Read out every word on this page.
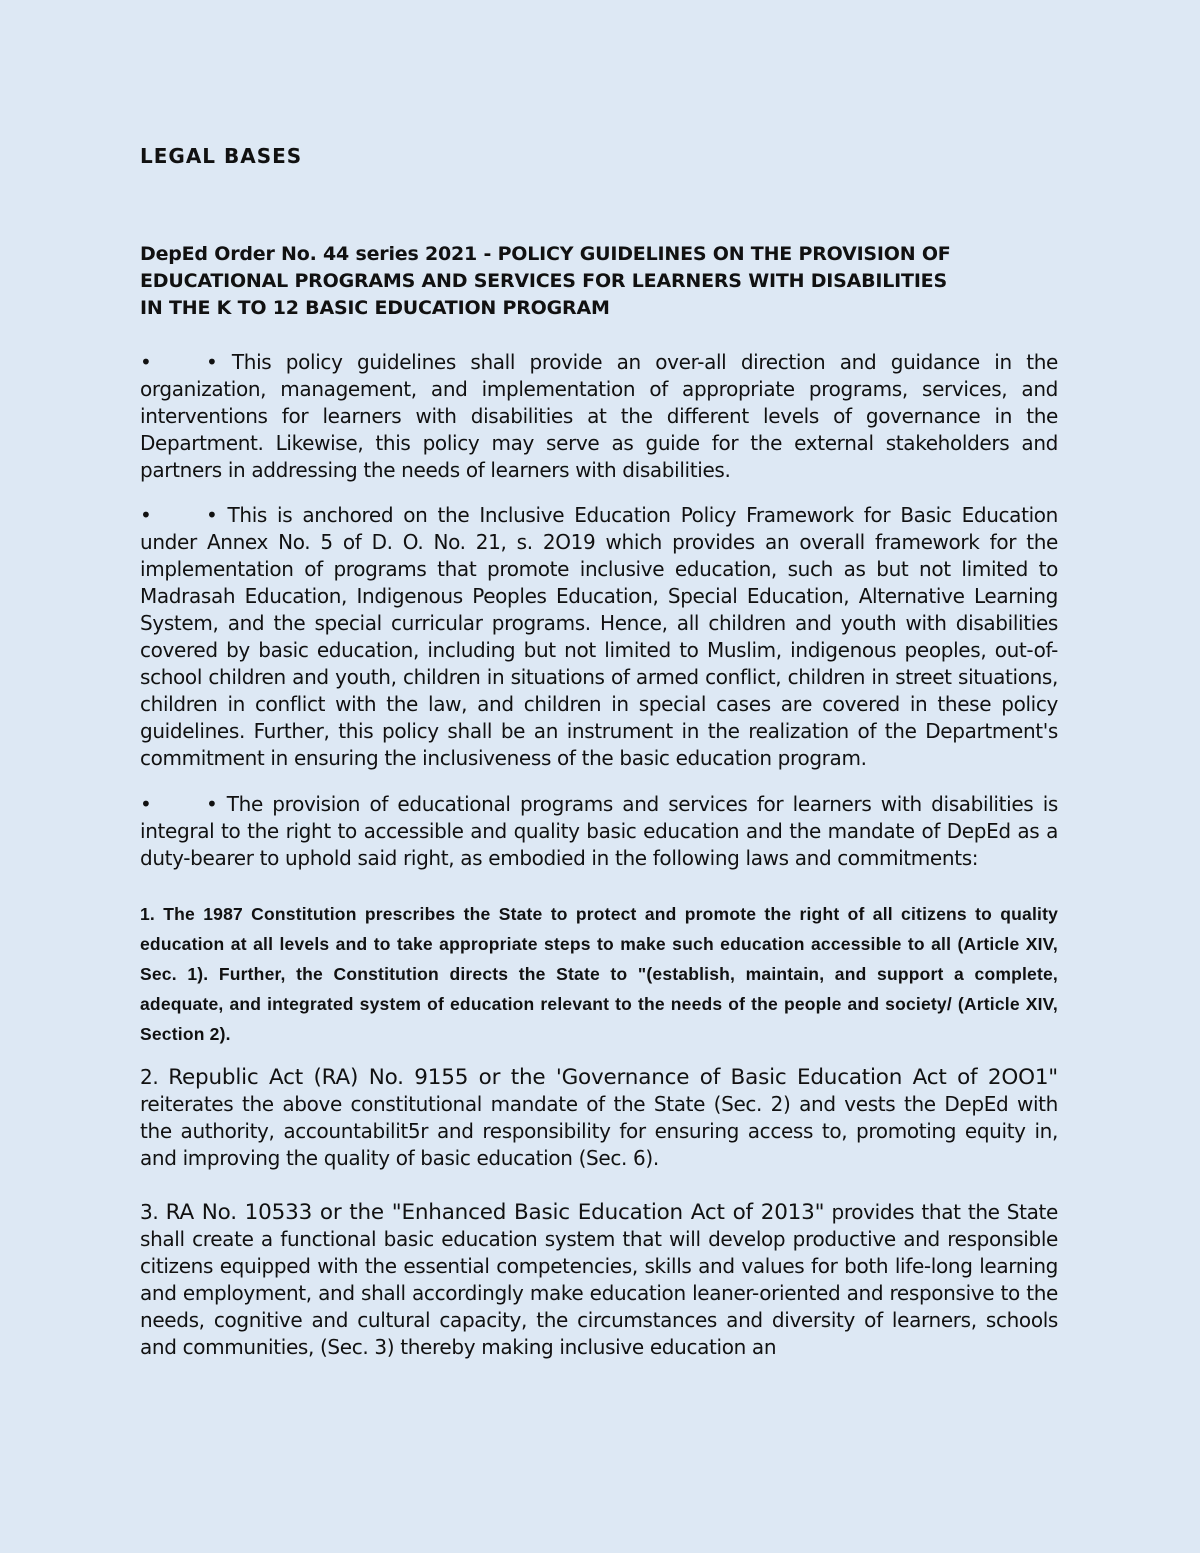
LEGAL BASES
DepEd Order No. 44 series 2021 - POLICY GUIDELINES ON THE PROVISION OF
EDUCATIONAL PROGRAMS AND SERVICES FOR LEARNERS WITH DISABILITIES
IN THE K TO 12 BASIC EDUCATION PROGRAM

•	• This policy guidelines shall provide an over-all direction and guidance in the organization, management, and implementation of appropriate programs, services, and interventions for learners with disabilities at the different levels of governance in the Department. Likewise, this policy may serve as guide for the external stakeholders and partners in addressing the needs of learners with disabilities.

•	• This is anchored on the Inclusive Education Policy Framework for Basic Education under Annex No. 5 of D. O. No. 21, s. 2O19 which provides an overall framework for the implementation of programs that promote inclusive education, such as but not limited to Madrasah Education, Indigenous Peoples Education, Special Education, Alternative Learning System, and the special curricular programs. Hence, all children and youth with disabilities covered by basic education, including but not limited to Muslim, indigenous peoples, out-of-school children and youth, children in situations of armed conflict, children in street situations, children in conflict with the law, and children in special cases are covered in these policy guidelines. Further, this policy shall be an instrument in the realization of the Department's commitment in ensuring the inclusiveness of the basic education program.

•	• The provision of educational programs and services for learners with disabilities is integral to the right to accessible and quality basic education and the mandate of DepEd as a duty-bearer to uphold said right, as embodied in the following laws and commitments:

1. The 1987 Constitution prescribes the State to protect and promote the right of all citizens to quality education at all levels and to take appropriate steps to make such education accessible to all (Article XIV, Sec. 1). Further, the Constitution directs the State to "(establish, maintain, and support a complete, adequate, and integrated system of education relevant to the needs of the people and society/ (Article XIV, Section 2).

2. Republic Act (RA) No. 9155 or the 'Governance of Basic Education Act of 2OO1" reiterates the above constitutional mandate of the State (Sec. 2) and vests the DepEd with the authority, accountabilit5r and responsibility for ensuring access to, promoting equity in, and improving the quality of basic education (Sec. 6).

3. RA No. 10533 or the "Enhanced Basic Education Act of 2013" provides that the State shall create a functional basic education system that will develop productive and responsible citizens equipped with the essential competencies, skills and values for both life-long learning and employment, and shall accordingly make education leaner-oriented and responsive to the needs, cognitive and cultural capacity, the circumstances and diversity of learners, schools and communities, (Sec. 3) thereby making inclusive education an
